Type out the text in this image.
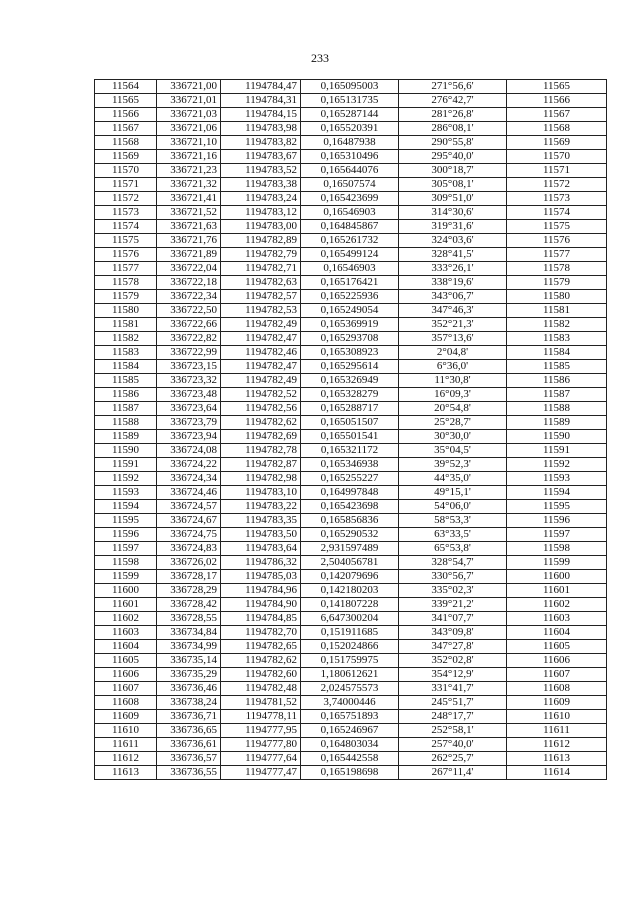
233
11564	336721,00	1194784,47	0,165095003	271°56,6'	11565
11565	336721,01	1194784,31	0,165131735	276°42,7'	11566
11566	336721,03	1194784,15	0,165287144	281°26,8'	11567
11567	336721,06	1194783,98	0,165520391	286°08,1'	11568
11568	336721,10	1194783,82	0,16487938	290°55,8'	11569
11569	336721,16	1194783,67	0,165310496	295°40,0'	11570
11570	336721,23	1194783,52	0,165644076	300°18,7'	11571
11571	336721,32	1194783,38	0,16507574	305°08,1'	11572
11572	336721,41	1194783,24	0,165423699	309°51,0'	11573
11573	336721,52	1194783,12	0,16546903	314°30,6'	11574
11574	336721,63	1194783,00	0,164845867	319°31,6'	11575
11575	336721,76	1194782,89	0,165261732	324°03,6'	11576
11576	336721,89	1194782,79	0,165499124	328°41,5'	11577
11577	336722,04	1194782,71	0,16546903	333°26,1'	11578
11578	336722,18	1194782,63	0,165176421	338°19,6'	11579
11579	336722,34	1194782,57	0,165225936	343°06,7'	11580
11580	336722,50	1194782,53	0,165249054	347°46,3'	11581
11581	336722,66	1194782,49	0,165369919	352°21,3'	11582
11582	336722,82	1194782,47	0,165293708	357°13,6'	11583
11583	336722,99	1194782,46	0,165308923	2°04,8'	11584
11584	336723,15	1194782,47	0,165295614	6°36,0'	11585
11585	336723,32	1194782,49	0,165326949	11°30,8'	11586
11586	336723,48	1194782,52	0,165328279	16°09,3'	11587
11587	336723,64	1194782,56	0,165288717	20°54,8'	11588
11588	336723,79	1194782,62	0,165051507	25°28,7'	11589
11589	336723,94	1194782,69	0,165501541	30°30,0'	11590
11590	336724,08	1194782,78	0,165321172	35°04,5'	11591
11591	336724,22	1194782,87	0,165346938	39°52,3'	11592
11592	336724,34	1194782,98	0,165255227	44°35,0'	11593
11593	336724,46	1194783,10	0,164997848	49°15,1'	11594
11594	336724,57	1194783,22	0,165423698	54°06,0'	11595
11595	336724,67	1194783,35	0,165856836	58°53,3'	11596
11596	336724,75	1194783,50	0,165290532	63°33,5'	11597
11597	336724,83	1194783,64	2,931597489	65°53,8'	11598
11598	336726,02	1194786,32	2,504056781	328°54,7'	11599
11599	336728,17	1194785,03	0,142079696	330°56,7'	11600
11600	336728,29	1194784,96	0,142180203	335°02,3'	11601
11601	336728,42	1194784,90	0,141807228	339°21,2'	11602
11602	336728,55	1194784,85	6,647300204	341°07,7'	11603
11603	336734,84	1194782,70	0,151911685	343°09,8'	11604
11604	336734,99	1194782,65	0,152024866	347°27,8'	11605
11605	336735,14	1194782,62	0,151759975	352°02,8'	11606
11606	336735,29	1194782,60	1,180612621	354°12,9'	11607
11607	336736,46	1194782,48	2,024575573	331°41,7'	11608
11608	336738,24	1194781,52	3,74000446	245°51,7'	11609
11609	336736,71	1194778,11	0,165751893	248°17,7'	11610
11610	336736,65	1194777,95	0,165246967	252°58,1'	11611
11611	336736,61	1194777,80	0,164803034	257°40,0'	11612
11612	336736,57	1194777,64	0,165442558	262°25,7'	11613
11613	336736,55	1194777,47	0,165198698	267°11,4'	11614
